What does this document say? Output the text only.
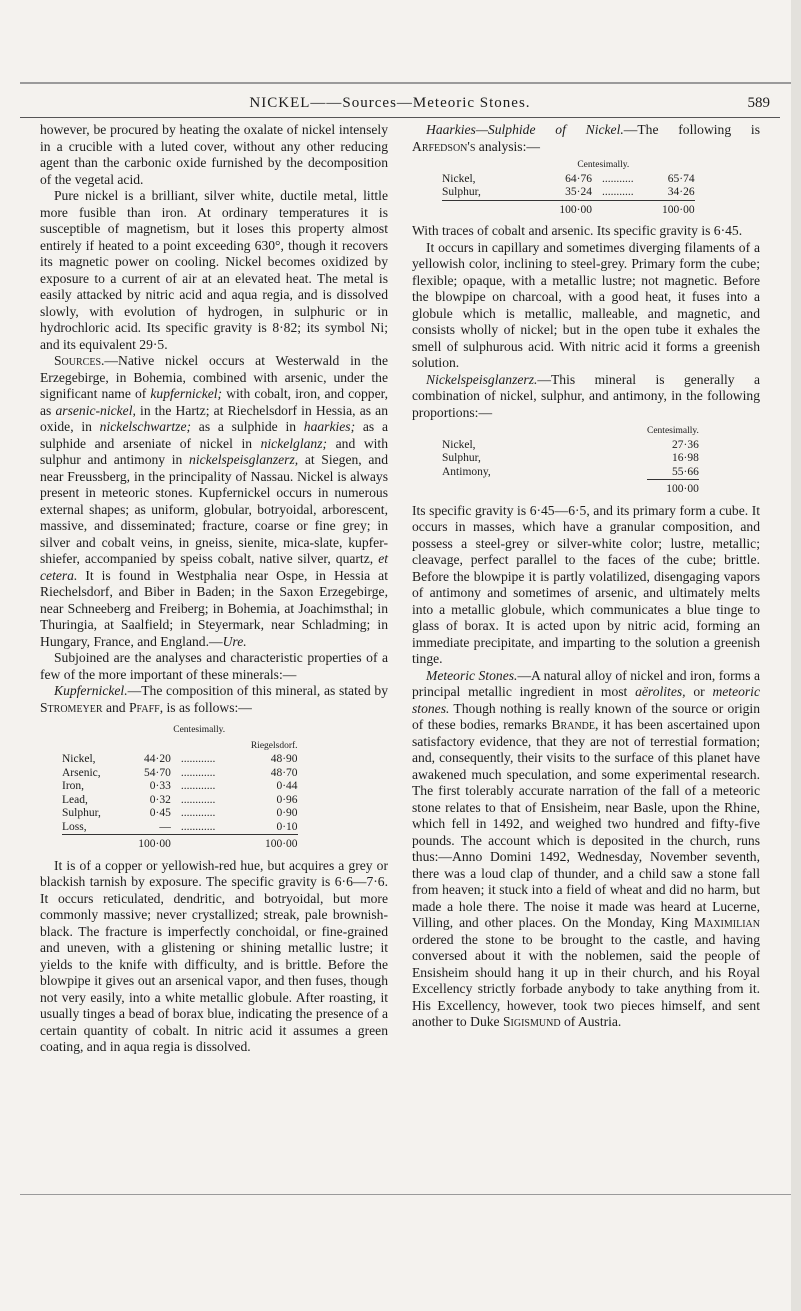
NICKEL——Sources—Meteoric Stones.	589

however, be procured by heating the oxalate of nickel intensely in a crucible with a luted cover, without any other reducing agent than the carbonic oxide furnished by the decomposition of the vegetal acid.

Pure nickel is a brilliant, silver white, ductile metal, little more fusible than iron. At ordinary temperatures it is susceptible of magnetism, but it loses this property almost entirely if heated to a point exceeding 630°, though it recovers its magnetic power on cooling. Nickel becomes oxidized by exposure to a current of air at an elevated heat. The metal is easily attacked by nitric acid and aqua regia, and is dissolved slowly, with evolution of hydrogen, in sulphuric or in hydrochloric acid. Its specific gravity is 8·82; its symbol Ni; and its equivalent 29·5.

Sources.—Native nickel occurs at Westerwald in the Erzegebirge, in Bohemia, combined with arsenic, under the significant name of kupfernickel; with cobalt, iron, and copper, as arsenic-nickel, in the Hartz; at Riechelsdorf in Hessia, as an oxide, in nickelschwartze; as a sulphide in haarkies; as a sulphide and arseniate of nickel in nickelglanz; and with sulphur and antimony in nickelspeisglanzerz, at Siegen, and near Freussberg, in the principality of Nassau. Nickel is always present in meteoric stones. Kupfernickel occurs in numerous external shapes; as uniform, globular, botryoidal, arborescent, massive, and disseminated; fracture, coarse or fine grey; in silver and cobalt veins, in gneiss, sienite, mica-slate, kupfer-shiefer, accompanied by speiss cobalt, native silver, quartz, et cetera. It is found in Westphalia near Ospe, in Hessia at Riechelsdorf, and Biber in Baden; in the Saxon Erzegebirge, near Schneeberg and Freiberg; in Bohemia, at Joachimsthal; in Thuringia, at Saalfield; in Steyermark, near Schladming; in Hungary, France, and England.—Ure.

Subjoined are the analyses and characteristic properties of a few of the more important of these minerals:—

Kupfernickel.—The composition of this mineral, as stated by Stromeyer and Pfaff, is as follows:—

	Centesimally.		
			Riegelsdorf.
Nickel,	44·20	............	48·90
Arsenic,	54·70	............	48·70
Iron,	0·33	............	0·44
Lead,	0·32	............	0·96
Sulphur,	0·45	............	0·90
Loss,	—	............	0·10
	100·00		100·00

It is of a copper or yellowish-red hue, but acquires a grey or blackish tarnish by exposure. The specific gravity is 6·6—7·6. It occurs reticulated, dendritic, and botryoidal, but more commonly massive; never crystallized; streak, pale brownish-black. The fracture is imperfectly conchoidal, or fine-grained and uneven, with a glistening or shining metallic lustre; it yields to the knife with difficulty, and is brittle. Before the blowpipe it gives out an arsenical vapor, and then fuses, though not very easily, into a white metallic globule. After roasting, it usually tinges a bead of borax blue, indicating the presence of a certain quantity of cobalt. In nitric acid it assumes a green coating, and in aqua regia is dissolved.

Haarkies—Sulphide of Nickel.—The following is Arfedson's analysis:—

	Centesimally.		
Nickel,	64·76	...........	65·74
Sulphur,	35·24	...........	34·26
	100·00		100·00

With traces of cobalt and arsenic. Its specific gravity is 6·45.

It occurs in capillary and sometimes diverging filaments of a yellowish color, inclining to steel-grey. Primary form the cube; flexible; opaque, with a metallic lustre; not magnetic. Before the blowpipe on charcoal, with a good heat, it fuses into a globule which is metallic, malleable, and magnetic, and consists wholly of nickel; but in the open tube it exhales the smell of sulphurous acid. With nitric acid it forms a greenish solution.

Nickelspeisglanzerz.—This mineral is generally a combination of nickel, sulphur, and antimony, in the following proportions:—

	Centesimally.
Nickel,	27·36
Sulphur,	16·98
Antimony,	55·66
	100·00

Its specific gravity is 6·45—6·5, and its primary form a cube. It occurs in masses, which have a granular composition, and possess a steel-grey or silver-white color; lustre, metallic; cleavage, perfect parallel to the faces of the cube; brittle. Before the blowpipe it is partly volatilized, disengaging vapors of antimony and sometimes of arsenic, and ultimately melts into a metallic globule, which communicates a blue tinge to glass of borax. It is acted upon by nitric acid, forming an immediate precipitate, and imparting to the solution a greenish tinge.

Meteoric Stones.—A natural alloy of nickel and iron, forms a principal metallic ingredient in most aërolites, or meteoric stones. Though nothing is really known of the source or origin of these bodies, remarks Brande, it has been ascertained upon satisfactory evidence, that they are not of terrestial formation; and, consequently, their visits to the surface of this planet have awakened much speculation, and some experimental research. The first tolerably accurate narration of the fall of a meteoric stone relates to that of Ensisheim, near Basle, upon the Rhine, which fell in 1492, and weighed two hundred and fifty-five pounds. The account which is deposited in the church, runs thus:—Anno Domini 1492, Wednesday, November seventh, there was a loud clap of thunder, and a child saw a stone fall from heaven; it stuck into a field of wheat and did no harm, but made a hole there. The noise it made was heard at Lucerne, Villing, and other places. On the Monday, King Maximilian ordered the stone to be brought to the castle, and having conversed about it with the noblemen, said the people of Ensisheim should hang it up in their church, and his Royal Excellency strictly forbade anybody to take anything from it. His Excellency, however, took two pieces himself, and sent another to Duke Sigismund of Austria.
